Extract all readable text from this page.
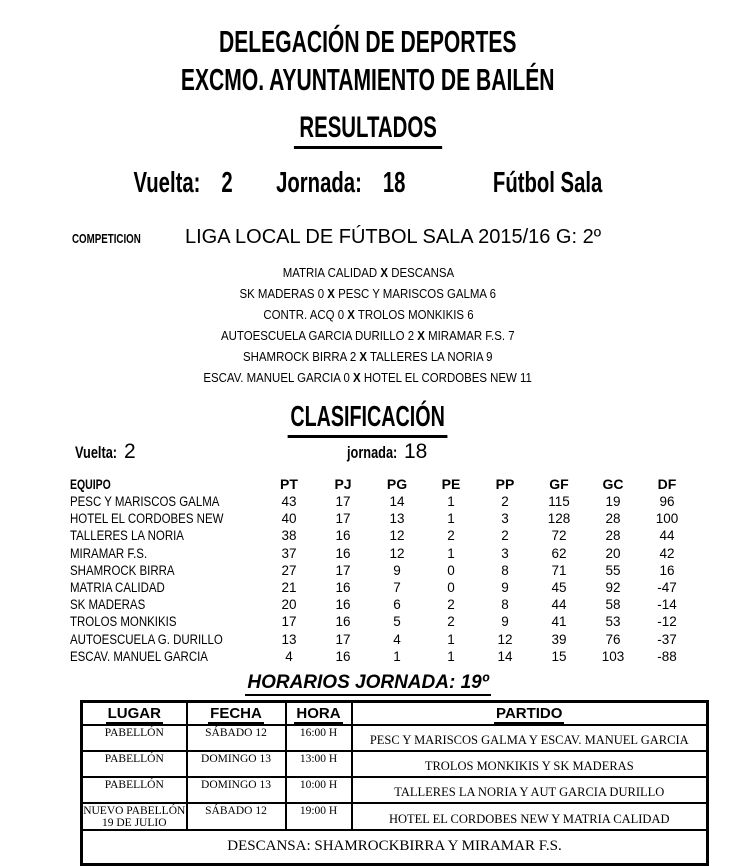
DELEGACIÓN DE DEPORTES
EXCMO. AYUNTAMIENTO DE BAILÉN
RESULTADOS
Vuelta: 2 Jornada: 18	Fútbol Sala
COMPETICION	LIGA LOCAL DE FÚTBOL SALA 2015/16 G: 2º
MATRIA CALIDAD X DESCANSA
SK MADERAS 0 X PESC Y MARISCOS GALMA 6
CONTR. ACQ 0 X TROLOS MONKIKIS 6
AUTOESCUELA GARCIA DURILLO 2 X MIRAMAR F.S. 7
SHAMROCK BIRRA 2 X TALLERES LA NORIA 9
ESCAV. MANUEL GARCIA 0 X HOTEL EL CORDOBES NEW 11
CLASIFICACIÓN
Vuelta: 2	jornada: 18
EQUIPO	PT	PJ	PG	PE	PP	GF	GC	DF
PESC Y MARISCOS GALMA	43	17	14	1	2	115	19	96
HOTEL EL CORDOBES NEW	40	17	13	1	3	128	28	100
TALLERES LA NORIA	38	16	12	2	2	72	28	44
MIRAMAR F.S.	37	16	12	1	3	62	20	42
SHAMROCK BIRRA	27	17	9	0	8	71	55	16
MATRIA CALIDAD	21	16	7	0	9	45	92	-47
SK MADERAS	20	16	6	2	8	44	58	-14
TROLOS MONKIKIS	17	16	5	2	9	41	53	-12
AUTOESCUELA G. DURILLO	13	17	4	1	12	39	76	-37
ESCAV. MANUEL GARCIA	4	16	1	1	14	15	103	-88
HORARIOS JORNADA: 19º
LUGAR	FECHA	HORA	PARTIDO
PABELLÓN	SÁBADO 12	16:00 H	PESC Y MARISCOS GALMA Y ESCAV. MANUEL GARCIA
PABELLÓN	DOMINGO 13	13:00 H	TROLOS MONKIKIS Y SK MADERAS
PABELLÓN	DOMINGO 13	10:00 H	TALLERES LA NORIA Y AUT GARCIA DURILLO
NUEVO PABELLÓN 19 DE JULIO	SÁBADO 12	19:00 H	HOTEL EL CORDOBES NEW Y MATRIA CALIDAD
DESCANSA: SHAMROCKBIRRA Y MIRAMAR F.S.			
